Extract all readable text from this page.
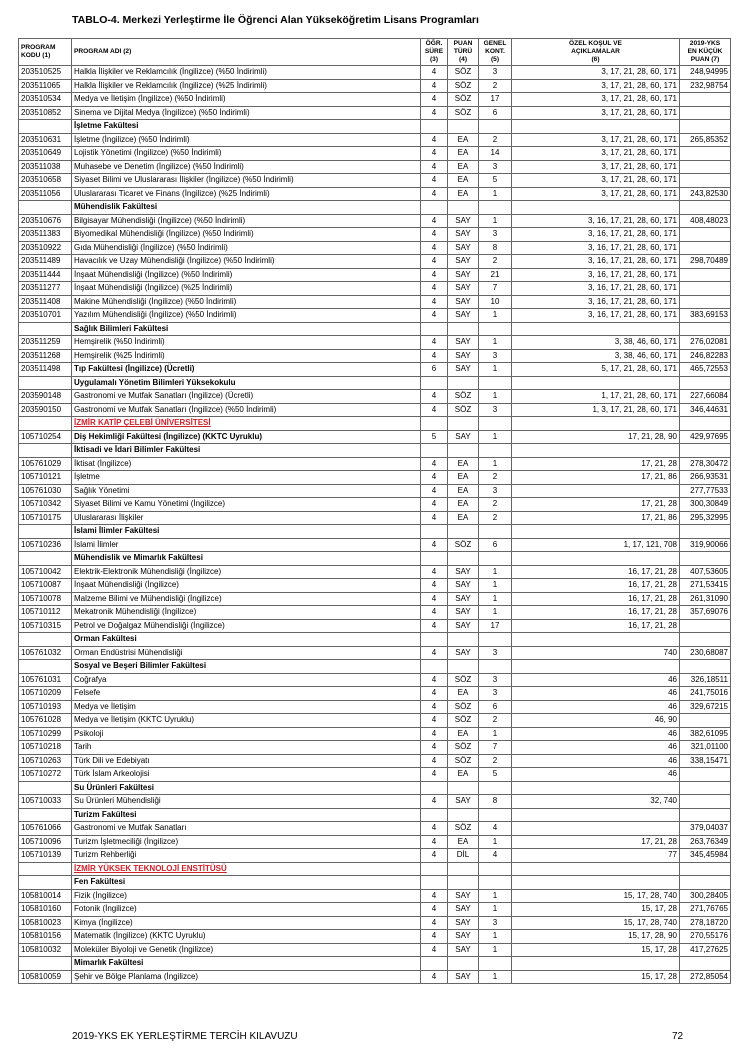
TABLO-4. Merkezi Yerleştirme İle Öğrenci Alan Yükseköğretim Lisans Programları
PROGRAM
KODU (1)	PROGRAM ADI (2)	ÖĞR.
SÜRE
(3)	PUAN
TÜRÜ
(4)	GENEL
KONT.
(5)	ÖZEL KOŞUL VE
AÇIKLAMALAR
(6)	2019-YKS
EN KÜÇÜK
PUAN (7)
203510525	Halkla İlişkiler ve Reklamcılık (İngilizce) (%50 İndirimli)	4	SÖZ	3	3, 17, 21, 28, 60, 171	248,94995
203511065	Halkla İlişkiler ve Reklamcılık (İngilizce) (%25 İndirimli)	4	SÖZ	2	3, 17, 21, 28, 60, 171	232,98754
203510534	Medya ve İletişim (İngilizce) (%50 İndirimli)	4	SÖZ	17	3, 17, 21, 28, 60, 171	
203510852	Sinema ve Dijital Medya (İngilizce) (%50 İndirimli)	4	SÖZ	6	3, 17, 21, 28, 60, 171	
	İşletme Fakültesi					
203510631	İşletme (İngilizce) (%50 İndirimli)	4	EA	2	3, 17, 21, 28, 60, 171	265,85352
203510649	Lojistik Yönetimi (İngilizce) (%50 İndirimli)	4	EA	14	3, 17, 21, 28, 60, 171	
203511038	Muhasebe ve Denetim (İngilizce) (%50 İndirimli)	4	EA	3	3, 17, 21, 28, 60, 171	
203510658	Siyaset Bilimi ve Uluslararası İlişkiler (İngilizce) (%50 İndirimli)	4	EA	5	3, 17, 21, 28, 60, 171	
203511056	Uluslararası Ticaret ve Finans (İngilizce) (%25 İndirimli)	4	EA	1	3, 17, 21, 28, 60, 171	243,82530
	Mühendislik Fakültesi					
203510676	Bilgisayar Mühendisliği (İngilizce) (%50 İndirimli)	4	SAY	1	3, 16, 17, 21, 28, 60, 171	408,48023
203511383	Biyomedikal Mühendisliği (İngilizce) (%50 İndirimli)	4	SAY	3	3, 16, 17, 21, 28, 60, 171	
203510922	Gıda Mühendisliği (İngilizce) (%50 İndirimli)	4	SAY	8	3, 16, 17, 21, 28, 60, 171	
203511489	Havacılık ve Uzay Mühendisliği (İngilizce) (%50 İndirimli)	4	SAY	2	3, 16, 17, 21, 28, 60, 171	298,70489
203511444	İnşaat Mühendisliği (İngilizce) (%50 İndirimli)	4	SAY	21	3, 16, 17, 21, 28, 60, 171	
203511277	İnşaat Mühendisliği (İngilizce) (%25 İndirimli)	4	SAY	7	3, 16, 17, 21, 28, 60, 171	
203511408	Makine Mühendisliği (İngilizce) (%50 İndirimli)	4	SAY	10	3, 16, 17, 21, 28, 60, 171	
203510701	Yazılım Mühendisliği (İngilizce) (%50 İndirimli)	4	SAY	1	3, 16, 17, 21, 28, 60, 171	383,69153
	Sağlık Bilimleri Fakültesi					
203511259	Hemşirelik (%50 İndirimli)	4	SAY	1	3, 38, 46, 60, 171	276,02081
203511268	Hemşirelik (%25 İndirimli)	4	SAY	3	3, 38, 46, 60, 171	246,82283
203511498	Tıp Fakültesi (İngilizce) (Ücretli)	6	SAY	1	5, 17, 21, 28, 60, 171	465,72553
	Uygulamalı Yönetim Bilimleri Yüksekokulu					
203590148	Gastronomi ve Mutfak Sanatları (İngilizce) (Ücretli)	4	SÖZ	1	1, 17, 21, 28, 60, 171	227,66084
203590150	Gastronomi ve Mutfak Sanatları (İngilizce) (%50 İndirimli)	4	SÖZ	3	1, 3, 17, 21, 28, 60, 171	346,44631
	İZMİR KATİP ÇELEBİ ÜNİVERSİTESİ					
105710254	Diş Hekimliği Fakültesi (İngilizce) (KKTC Uyruklu)	5	SAY	1	17, 21, 28, 90	429,97695
	İktisadi ve İdari Bilimler Fakültesi					
105761029	İktisat (İngilizce)	4	EA	1	17, 21, 28	278,30472
105710121	İşletme	4	EA	2	17, 21, 86	266,93531
105761030	Sağlık Yönetimi	4	EA	3		277,77533
105710342	Siyaset Bilimi ve Kamu Yönetimi (İngilizce)	4	EA	2	17, 21, 28	300,30849
105710175	Uluslararası İlişkiler	4	EA	2	17, 21, 86	295,32995
	İslami İlimler Fakültesi					
105710236	İslami İlimler	4	SÖZ	6	1, 17, 121, 708	319,90066
	Mühendislik ve Mimarlık Fakültesi					
105710042	Elektrik-Elektronik Mühendisliği (İngilizce)	4	SAY	1	16, 17, 21, 28	407,53605
105710087	İnşaat Mühendisliği (İngilizce)	4	SAY	1	16, 17, 21, 28	271,53415
105710078	Malzeme Bilimi ve Mühendisliği (İngilizce)	4	SAY	1	16, 17, 21, 28	261,31090
105710112	Mekatronik Mühendisliği (İngilizce)	4	SAY	1	16, 17, 21, 28	357,69076
105710315	Petrol ve Doğalgaz Mühendisliği (İngilizce)	4	SAY	17	16, 17, 21, 28	
	Orman Fakültesi					
105761032	Orman Endüstrisi Mühendisliği	4	SAY	3	740	230,68087
	Sosyal ve Beşeri Bilimler Fakültesi					
105761031	Coğrafya	4	SÖZ	3	46	326,18511
105710209	Felsefe	4	EA	3	46	241,75016
105710193	Medya ve İletişim	4	SÖZ	6	46	329,67215
105761028	Medya ve İletişim (KKTC Uyruklu)	4	SÖZ	2	46, 90	
105710299	Psikoloji	4	EA	1	46	382,61095
105710218	Tarih	4	SÖZ	7	46	321,01100
105710263	Türk Dili ve Edebiyatı	4	SÖZ	2	46	338,15471
105710272	Türk İslam Arkeolojisi	4	EA	5	46	
	Su Ürünleri Fakültesi					
105710033	Su Ürünleri Mühendisliği	4	SAY	8	32, 740	
	Turizm Fakültesi					
105761066	Gastronomi ve Mutfak Sanatları	4	SÖZ	4		379,04037
105710096	Turizm İşletmeciliği (İngilizce)	4	EA	1	17, 21, 28	263,76349
105710139	Turizm Rehberliği	4	DİL	4	77	345,45984
	İZMİR YÜKSEK TEKNOLOJİ ENSTİTÜSÜ					
	Fen Fakültesi					
105810014	Fizik (İngilizce)	4	SAY	1	15, 17, 28, 740	300,28405
105810160	Fotonik (İngilizce)	4	SAY	1	15, 17, 28	271,76765
105810023	Kimya (İngilizce)	4	SAY	3	15, 17, 28, 740	278,18720
105810156	Matematik (İngilizce) (KKTC Uyruklu)	4	SAY	1	15, 17, 28, 90	270,55176
105810032	Moleküler Biyoloji ve Genetik (İngilizce)	4	SAY	1	15, 17, 28	417,27625
	Mimarlık Fakültesi					
105810059	Şehir ve Bölge Planlama (İngilizce)	4	SAY	1	15, 17, 28	272,85054
2019-YKS EK YERLEŞTİRME TERCİH KILAVUZU	72
